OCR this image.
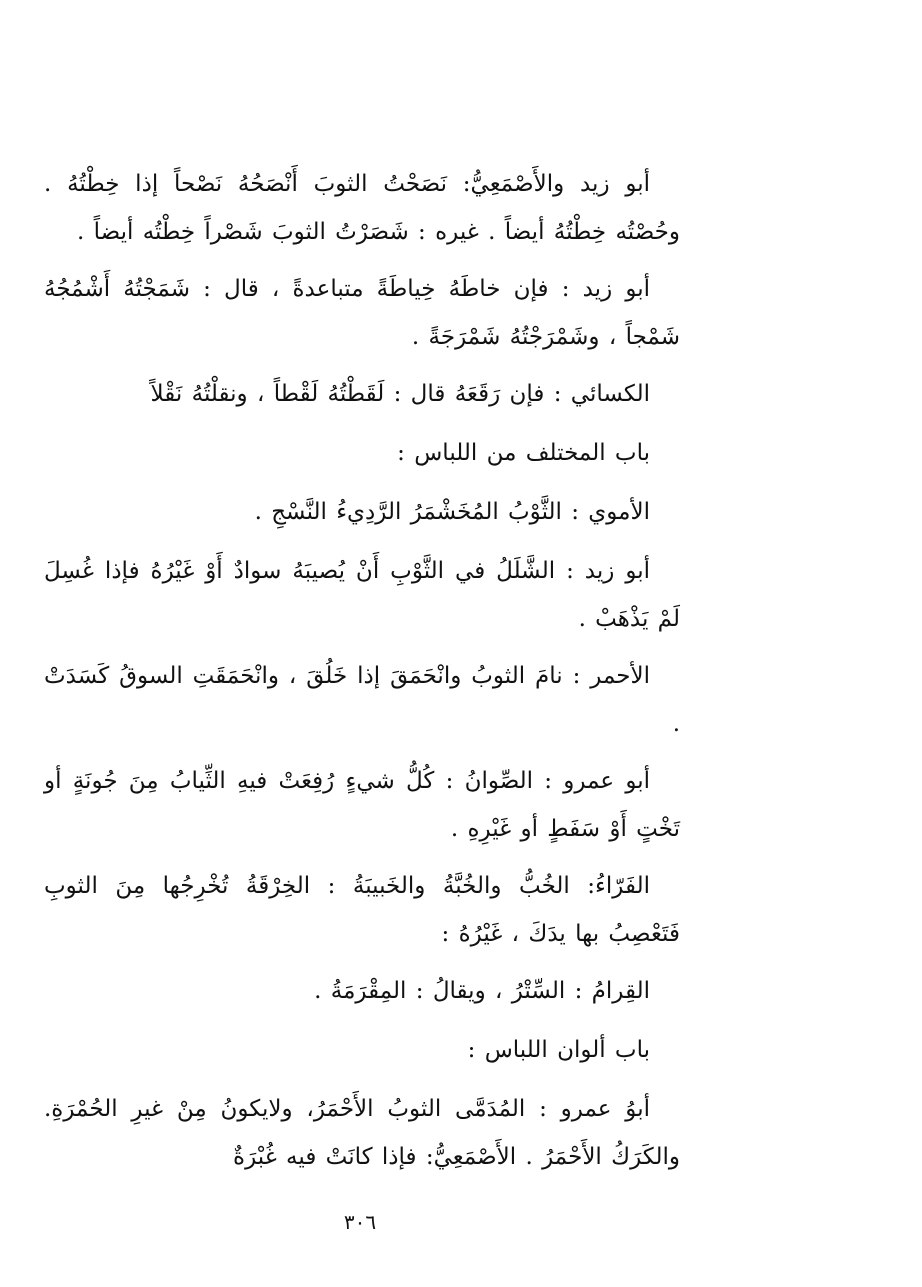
أبو زيد والأَصْمَعِيُّ: نَصَحْتُ الثوبَ أَنْصَحُهُ نَصْحاً إذا خِطْتُهُ . وحُصْتُه خِطْتُهُ أيضاً . غيره : شَصَرْتُ الثوبَ شَصْراً خِطْتُه أيضاً .

أبو زيد : فإن خاطَهُ خِياطَةً متباعدةً ، قال : شَمَجْتُهُ أَشْمُجُهُ شَمْجاً ، وشَمْرَجْتُهُ شَمْرَجَةً .

الكسائي : فإن رَقَعَهُ قال : لَقَطْتُهُ لَقْطاً ، ونقلْتُهُ نَقْلاً

باب المختلف من اللباس :

الأموي : الثَّوْبُ المُخَشْمَرُ الرَّدِيءُ النَّسْجِ .

أبو زيد : الشَّلَلُ في الثَّوْبِ أَنْ يُصيبَهُ سوادٌ أَوْ غَيْرُهُ فإذا غُسِلَ لَمْ يَذْهَبْ .

الأحمر : نامَ الثوبُ وانْحَمَقَ إذا خَلُقَ ، وانْحَمَقَتِ السوقُ كَسَدَتْ .

أبو عمرو : الصِّوانُ : كُلُّ شيءٍ رُفِعَتْ فيهِ الثِّيابُ مِنَ جُونَةٍ أو تَخْتٍ أَوْ سَفَطٍ أو غَيْرِهِ .

الفَرّاءُ: الخُبُّ والخُبَّةُ والخَبيبَةُ : الخِرْقَةُ تُخْرِجُها مِنَ الثوبِ فَتَعْصِبُ بها يدَكَ ، غَيْرُهُ :

القِرامُ : السِّتْرُ ، ويقالُ : المِقْرَمَةُ .

باب ألوان اللباس :

أبوُ عمرو : المُدَمَّى الثوبُ الأَحْمَرُ، ولايكونُ مِنْ غيرِ الحُمْرَةِ. والكَرَكُ الأَحْمَرُ . الأَصْمَعِيُّ: فإذا كانَتْ فيه غُبْرَةٌ

٣٠٦
